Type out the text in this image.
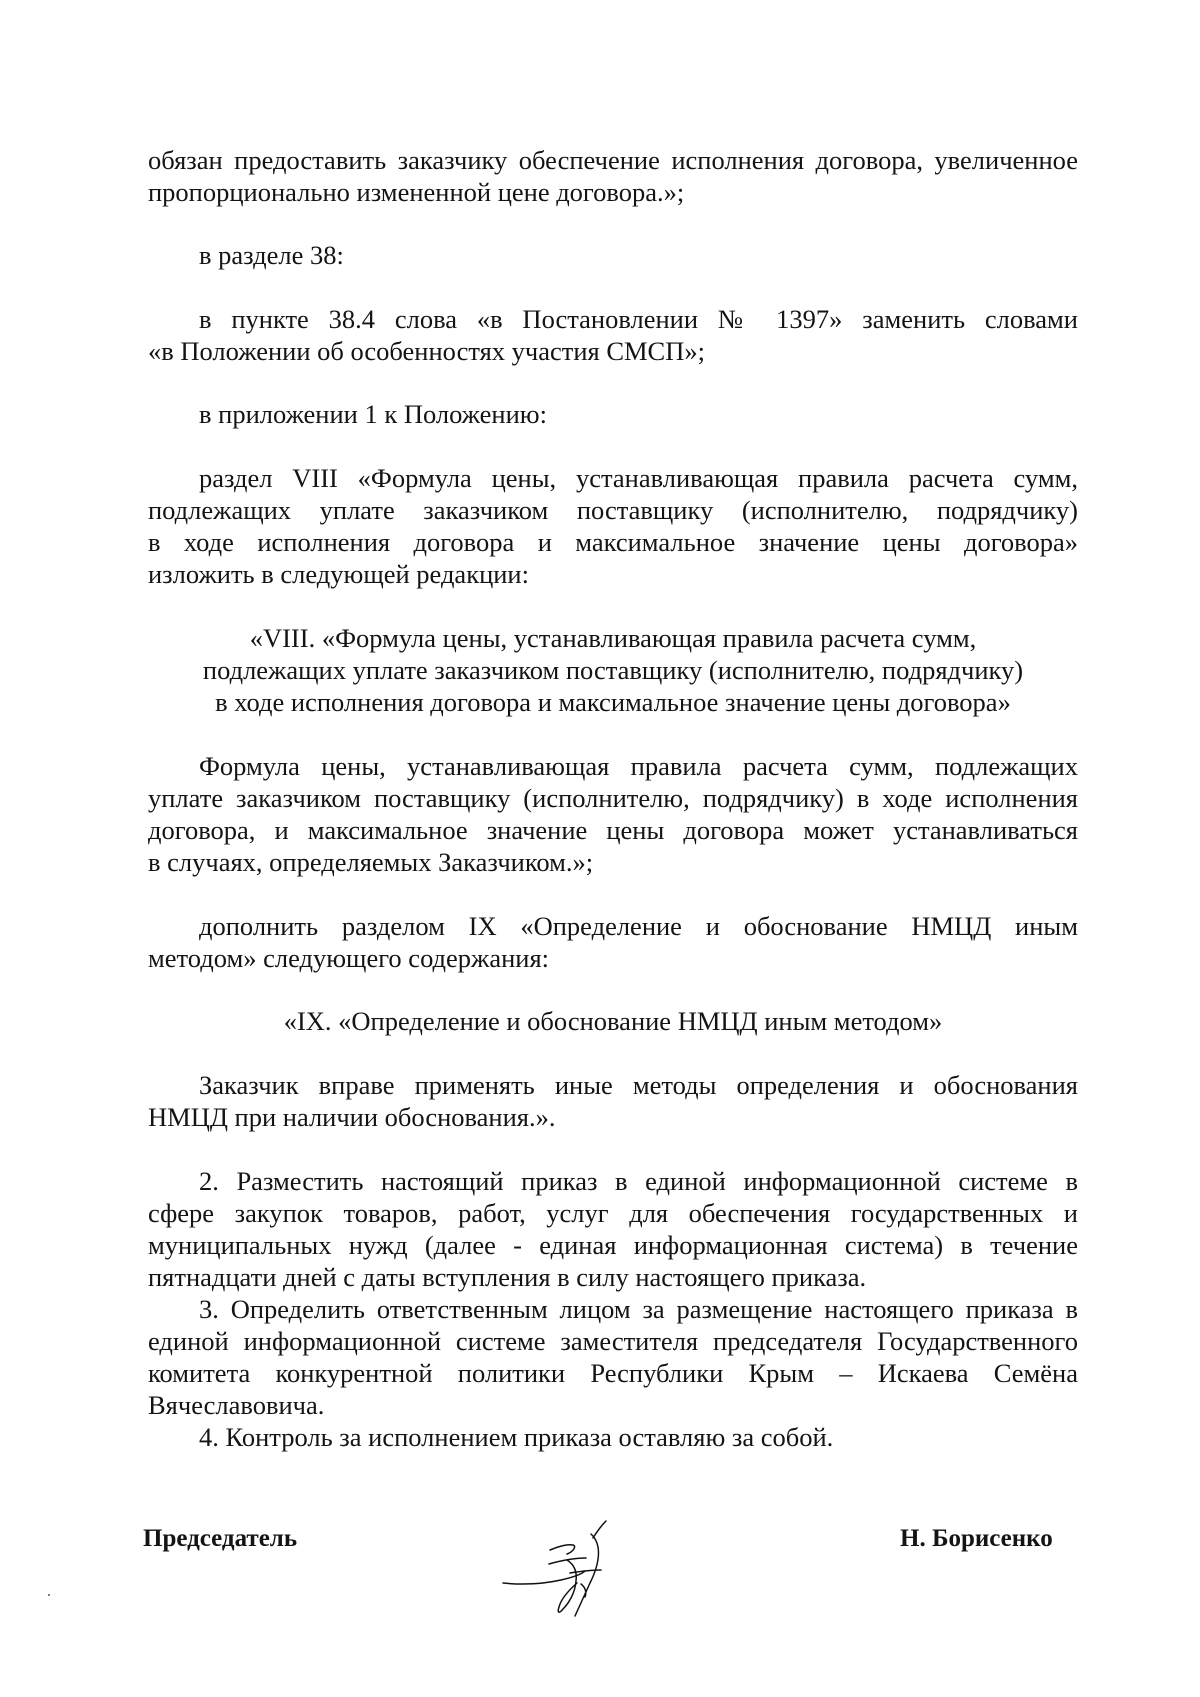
обязан предоставить заказчику обеспечение исполнения договора, увеличенное
пропорционально измененной цене договора.»;
в разделе 38:
в пункте 38.4 слова «в Постановлении № 1397» заменить словами
«в Положении об особенностях участия СМСП»;
в приложении 1 к Положению:
раздел VIII «Формула цены, устанавливающая правила расчета сумм,
подлежащих уплате заказчиком поставщику (исполнителю, подрядчику)
в ходе исполнения договора и максимальное значение цены договора»
изложить в следующей редакции:
«VIII. «Формула цены, устанавливающая правила расчета сумм,
подлежащих уплате заказчиком поставщику (исполнителю, подрядчику)
в ходе исполнения договора и максимальное значение цены договора»
Формула цены, устанавливающая правила расчета сумм, подлежащих
уплате заказчиком поставщику (исполнителю, подрядчику) в ходе исполнения
договора, и максимальное значение цены договора может устанавливаться
в случаях, определяемых Заказчиком.»;
дополнить разделом IX «Определение и обоснование НМЦД иным
методом» следующего содержания:
«IX. «Определение и обоснование НМЦД иным методом»
Заказчик вправе применять иные методы определения и обоснования
НМЦД при наличии обоснования.».
2. Разместить настоящий приказ в единой информационной системе в
сфере закупок товаров, работ, услуг для обеспечения государственных и
муниципальных нужд (далее - единая информационная система) в течение
пятнадцати дней с даты вступления в силу настоящего приказа.
3. Определить ответственным лицом за размещение настоящего приказа в
единой информационной системе заместителя председателя Государственного
комитета конкурентной политики Республики Крым – Искаева Семёна
Вячеславовича.
4. Контроль за исполнением приказа оставляю за собой.
Председатель	Н. Борисенко
